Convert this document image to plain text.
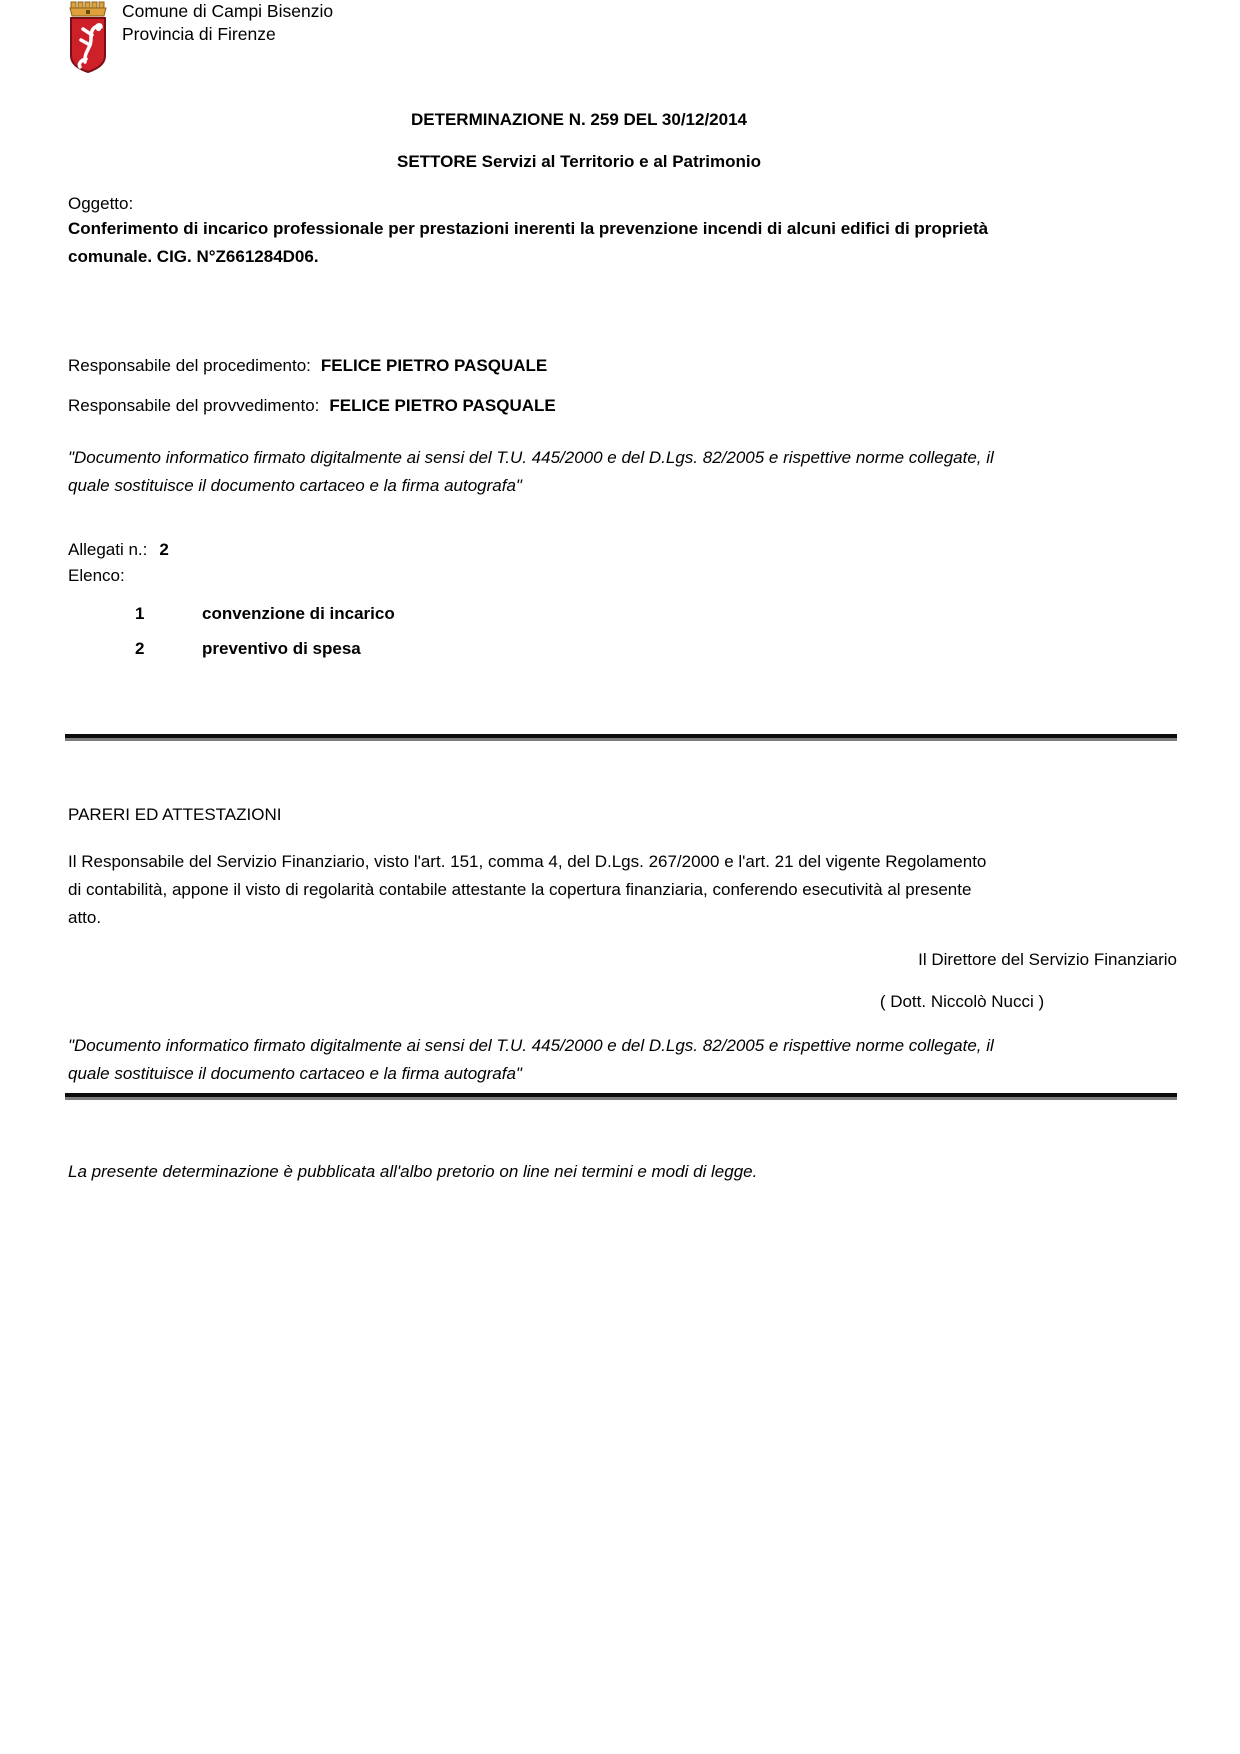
Comune di Campi Bisenzio
Provincia di Firenze
DETERMINAZIONE N. 259 DEL 30/12/2014
SETTORE Servizi al Territorio e al Patrimonio
Oggetto:
Conferimento di incarico professionale per prestazioni inerenti la prevenzione incendi di alcuni edifici di proprietà comunale. CIG. N°Z661284D06.
Responsabile del procedimento: FELICE PIETRO PASQUALE
Responsabile del provvedimento: FELICE PIETRO PASQUALE
"Documento informatico firmato digitalmente ai sensi del T.U. 445/2000 e del D.Lgs. 82/2005 e rispettive norme collegate, il quale sostituisce il documento cartaceo e la firma autografa"
Allegati n.: 2
Elenco:
1	convenzione di incarico
2	preventivo di spesa
PARERI ED ATTESTAZIONI
Il Responsabile del Servizio Finanziario, visto l'art. 151, comma 4, del D.Lgs. 267/2000 e l'art. 21 del vigente Regolamento di contabilità, appone il visto di regolarità contabile attestante la copertura finanziaria, conferendo esecutività al presente atto.
Il Direttore del Servizio Finanziario
( Dott. Niccolò Nucci )
"Documento informatico firmato digitalmente ai sensi del T.U. 445/2000 e del D.Lgs. 82/2005 e rispettive norme collegate, il quale sostituisce il documento cartaceo e la firma autografa"
La presente determinazione è pubblicata all'albo pretorio on line nei termini e modi di legge.
